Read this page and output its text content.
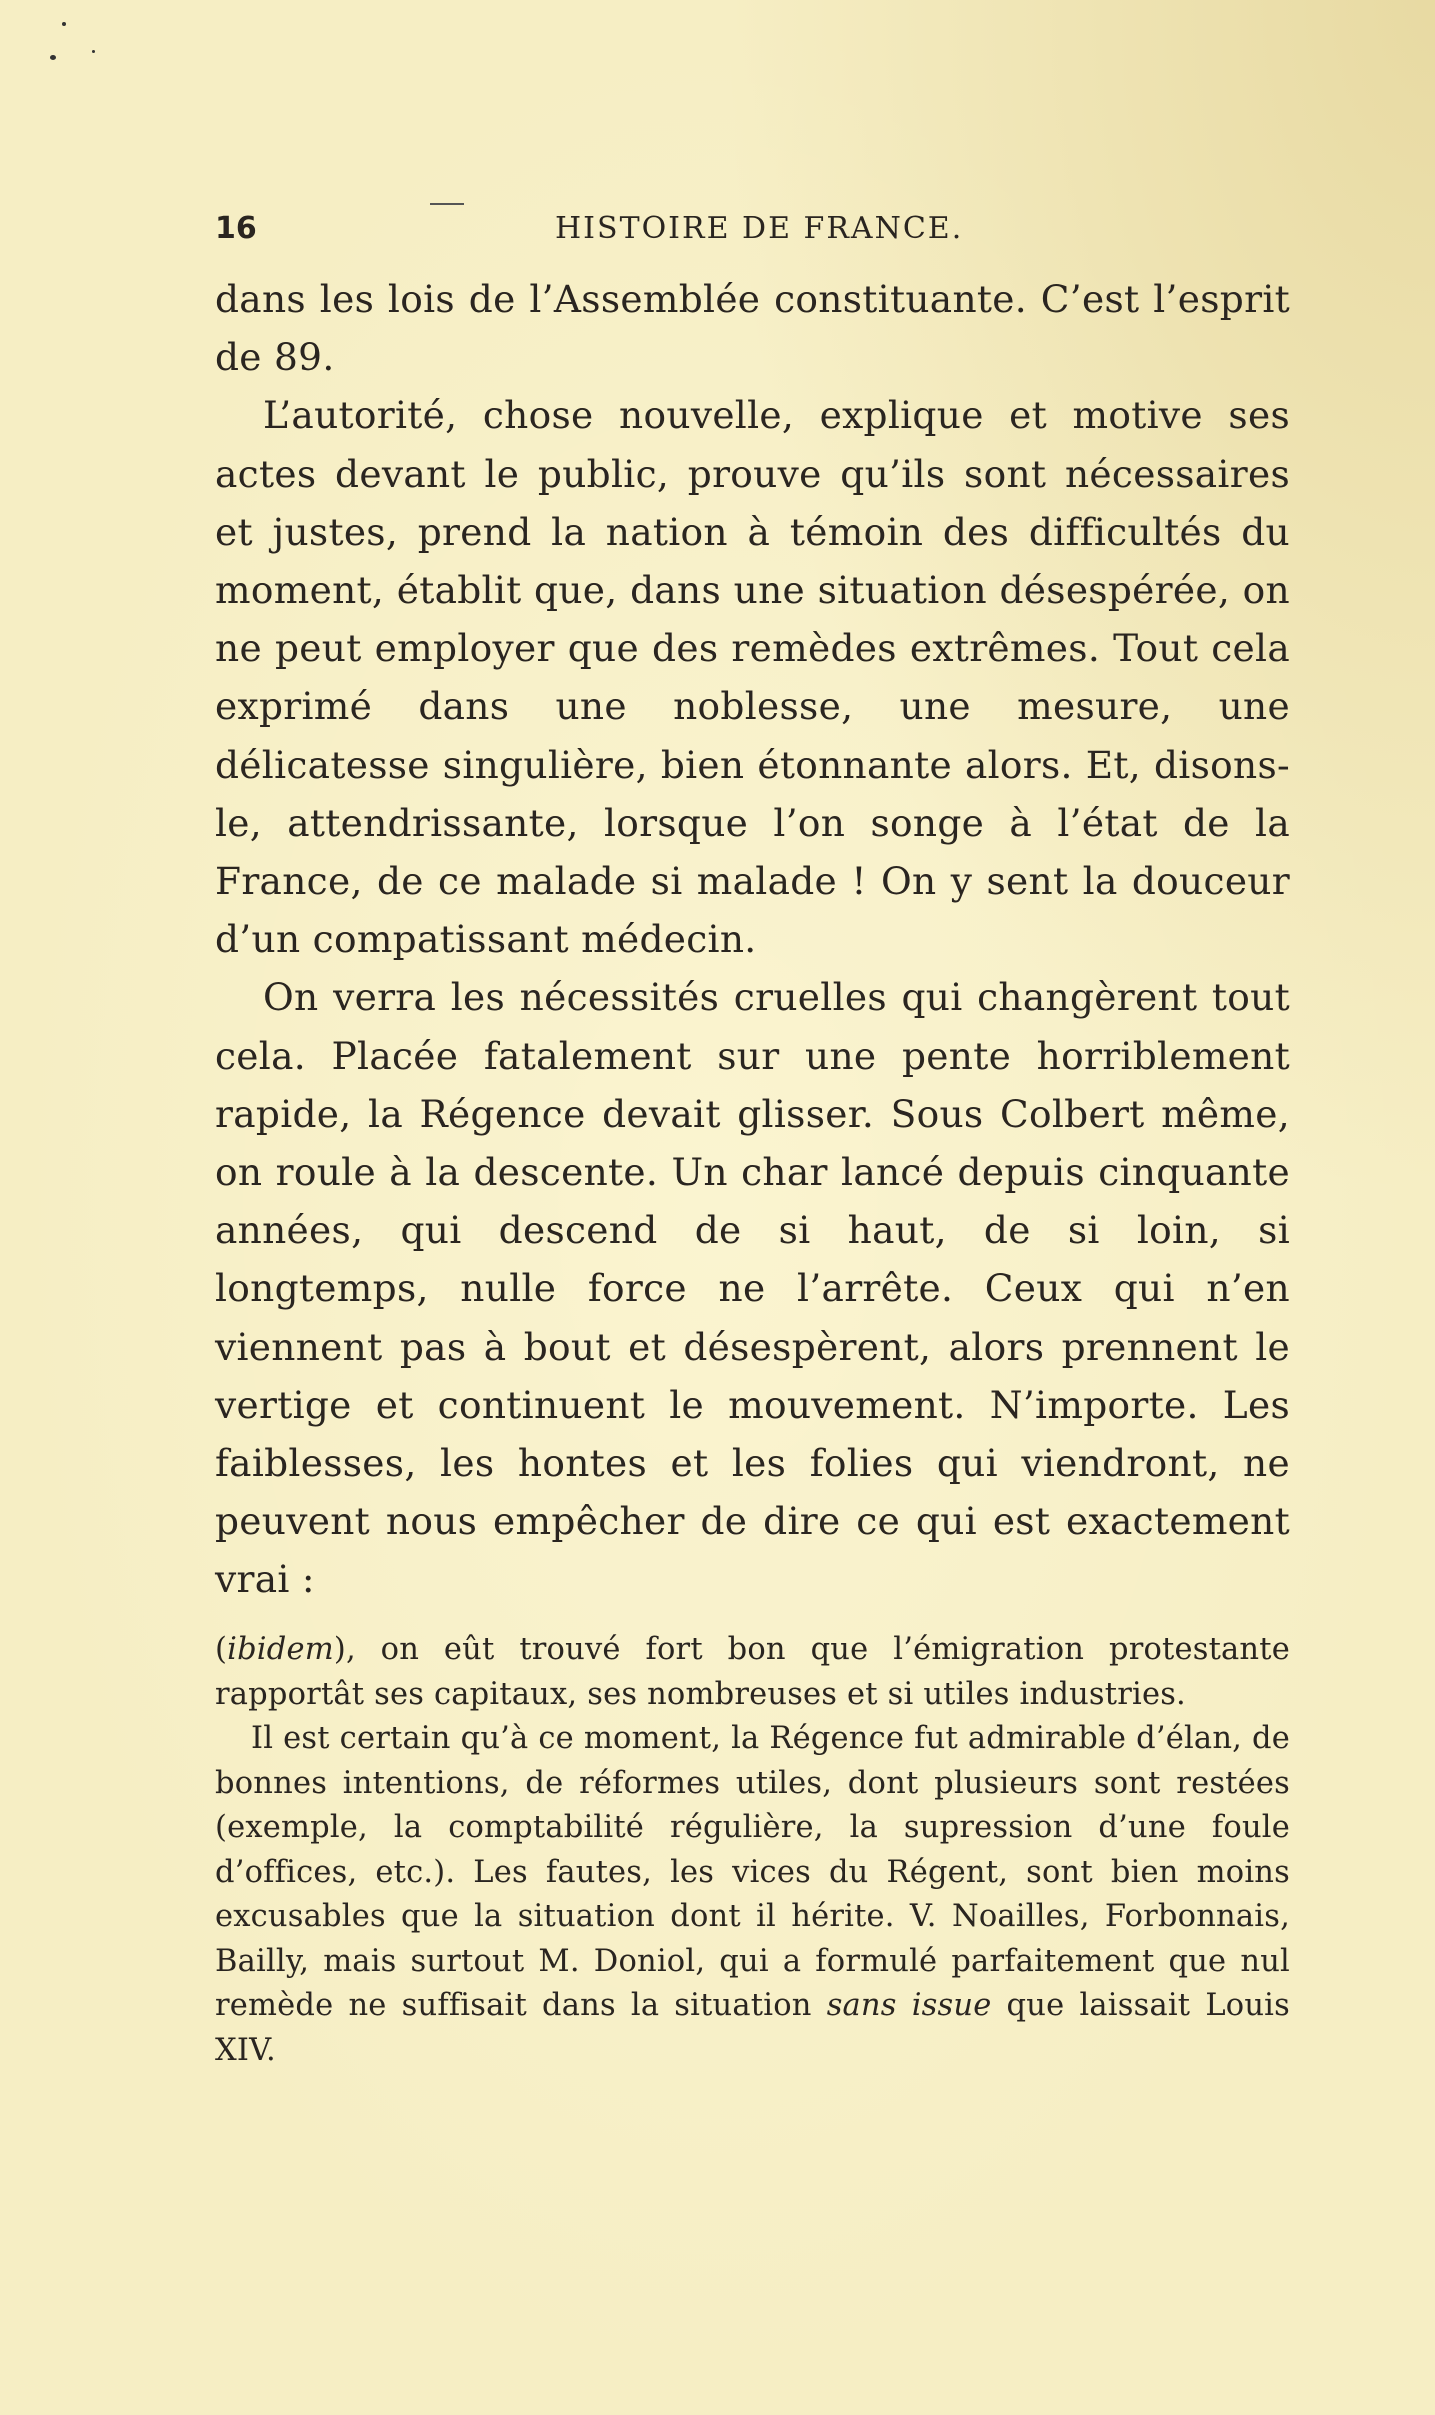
16	HISTOIRE DE FRANCE.

dans les lois de l’Assemblée constituante. C’est l’esprit de 89.

L’autorité, chose nouvelle, explique et motive ses actes devant le public, prouve qu’ils sont nécessaires et justes, prend la nation à témoin des difficultés du moment, établit que, dans une situation désespérée, on ne peut employer que des remèdes extrêmes. Tout cela exprimé dans une noblesse, une mesure, une délicatesse singulière, bien étonnante alors. Et, disons-le, attendrissante, lorsque l’on songe à l’état de la France, de ce malade si malade ! On y sent la douceur d’un compatissant médecin.

On verra les nécessités cruelles qui changèrent tout cela. Placée fatalement sur une pente horriblement rapide, la Régence devait glisser. Sous Colbert même, on roule à la descente. Un char lancé depuis cinquante années, qui descend de si haut, de si loin, si longtemps, nulle force ne l’arrête. Ceux qui n’en viennent pas à bout et désespèrent, alors prennent le vertige et continuent le mouvement. N’importe. Les faiblesses, les hontes et les folies qui viendront, ne peuvent nous empêcher de dire ce qui est exactement vrai :

(ibidem), on eût trouvé fort bon que l’émigration protestante rapportât ses capitaux, ses nombreuses et si utiles industries.

Il est certain qu’à ce moment, la Régence fut admirable d’élan, de bonnes intentions, de réformes utiles, dont plusieurs sont restées (exemple, la comptabilité régulière, la supression d’une foule d’offices, etc.). Les fautes, les vices du Régent, sont bien moins excusables que la situation dont il hérite. V. Noailles, Forbonnais, Bailly, mais surtout M. Doniol, qui a formulé parfaitement que nul remède ne suffisait dans la situation sans issue que laissait Louis XIV.
